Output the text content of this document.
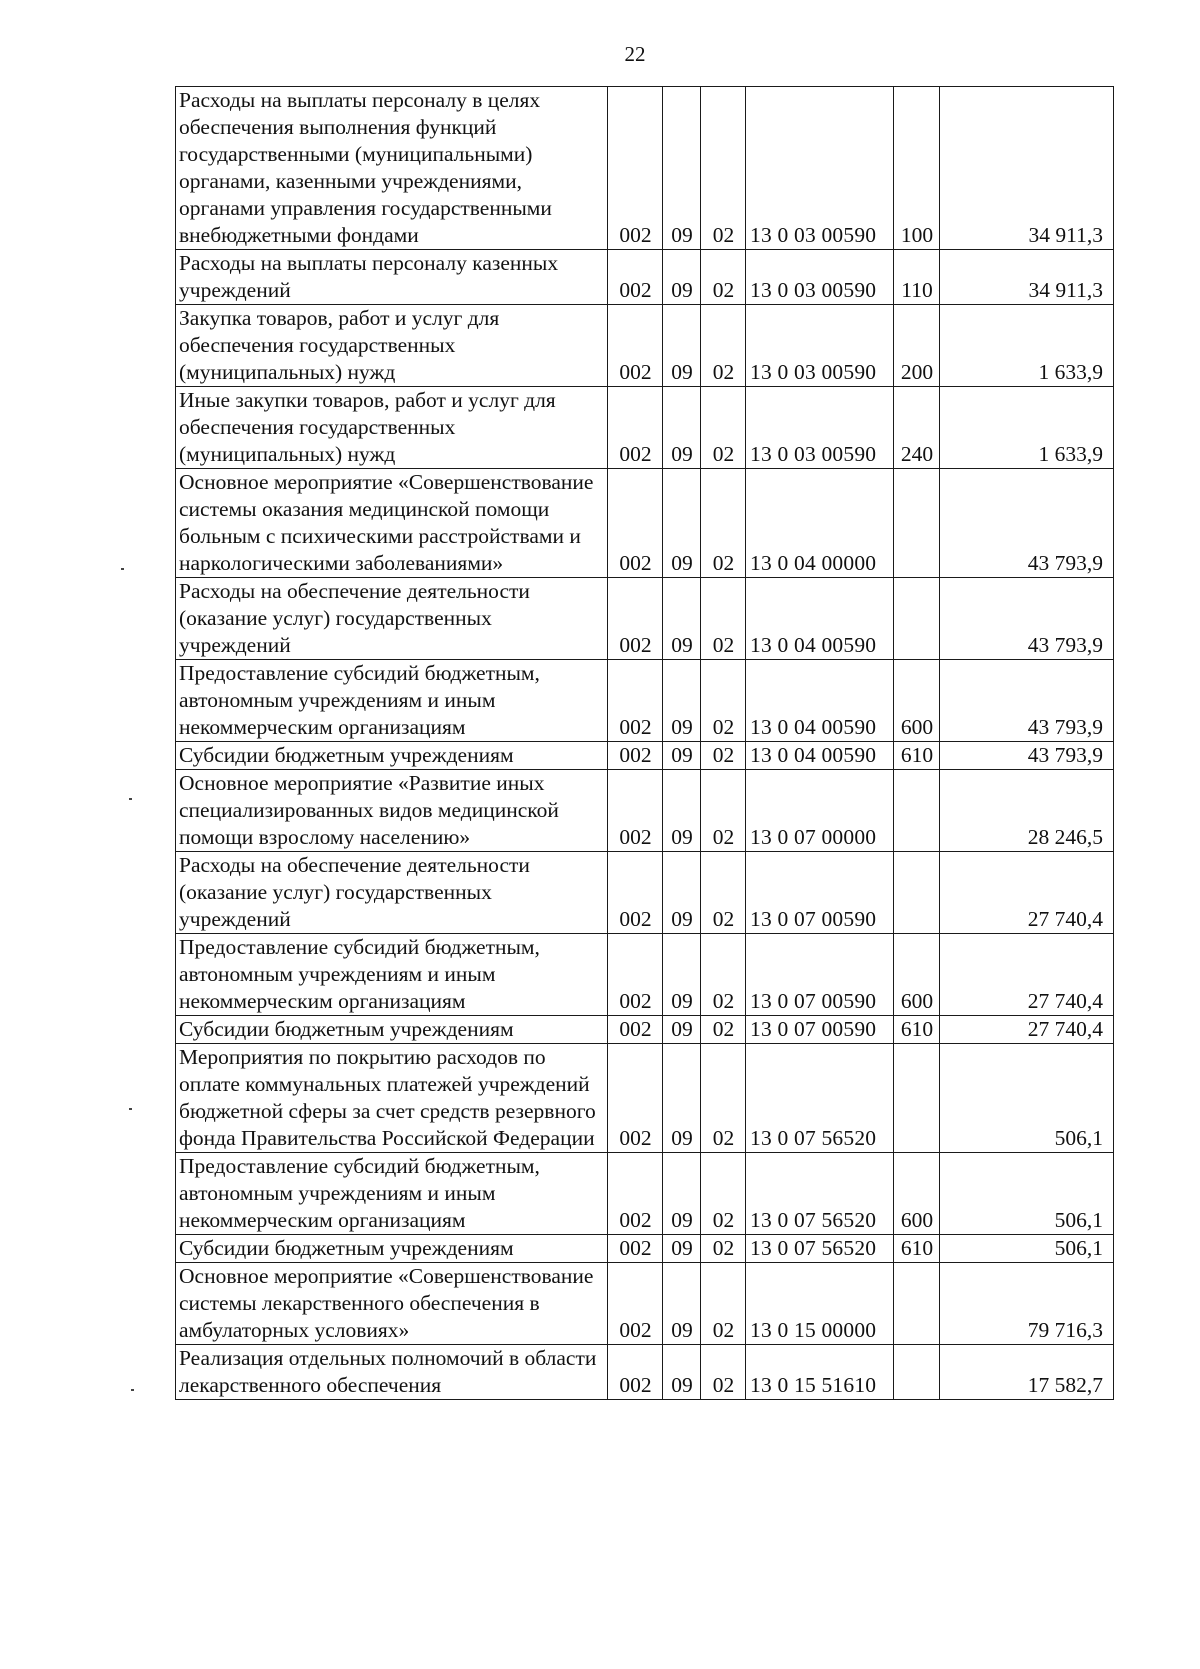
22
Расходы на выплаты персоналу в целях обеспечения выполнения функций государственными (муниципальными) органами, казенными учреждениями, органами управления государственными внебюджетными фондами	002	09	02	13 0 03 00590	100	34 911,3
Расходы на выплаты персоналу казенных учреждений	002	09	02	13 0 03 00590	110	34 911,3
Закупка товаров, работ и услуг для обеспечения государственных (муниципальных) нужд	002	09	02	13 0 03 00590	200	1 633,9
Иные закупки товаров, работ и услуг для обеспечения государственных (муниципальных) нужд	002	09	02	13 0 03 00590	240	1 633,9
Основное мероприятие «Совершенствование системы оказания медицинской помощи больным с психическими расстройствами и наркологическими заболеваниями»	002	09	02	13 0 04 00000		43 793,9
Расходы на обеспечение деятельности (оказание услуг) государственных учреждений	002	09	02	13 0 04 00590		43 793,9
Предоставление субсидий бюджетным, автономным учреждениям и иным некоммерческим организациям	002	09	02	13 0 04 00590	600	43 793,9
Субсидии бюджетным учреждениям	002	09	02	13 0 04 00590	610	43 793,9
Основное мероприятие «Развитие иных специализированных видов медицинской помощи взрослому населению»	002	09	02	13 0 07 00000		28 246,5
Расходы на обеспечение деятельности (оказание услуг) государственных учреждений	002	09	02	13 0 07 00590		27 740,4
Предоставление субсидий бюджетным, автономным учреждениям и иным некоммерческим организациям	002	09	02	13 0 07 00590	600	27 740,4
Субсидии бюджетным учреждениям	002	09	02	13 0 07 00590	610	27 740,4
Мероприятия по покрытию расходов по оплате коммунальных платежей учреждений бюджетной сферы за счет средств резервного фонда Правительства Российской Федерации	002	09	02	13 0 07 56520		506,1
Предоставление субсидий бюджетным, автономным учреждениям и иным некоммерческим организациям	002	09	02	13 0 07 56520	600	506,1
Субсидии бюджетным учреждениям	002	09	02	13 0 07 56520	610	506,1
Основное мероприятие «Совершенствование системы лекарственного обеспечения в амбулаторных условиях»	002	09	02	13 0 15 00000		79 716,3
Реализация отдельных полномочий в области лекарственного обеспечения	002	09	02	13 0 15 51610		17 582,7
